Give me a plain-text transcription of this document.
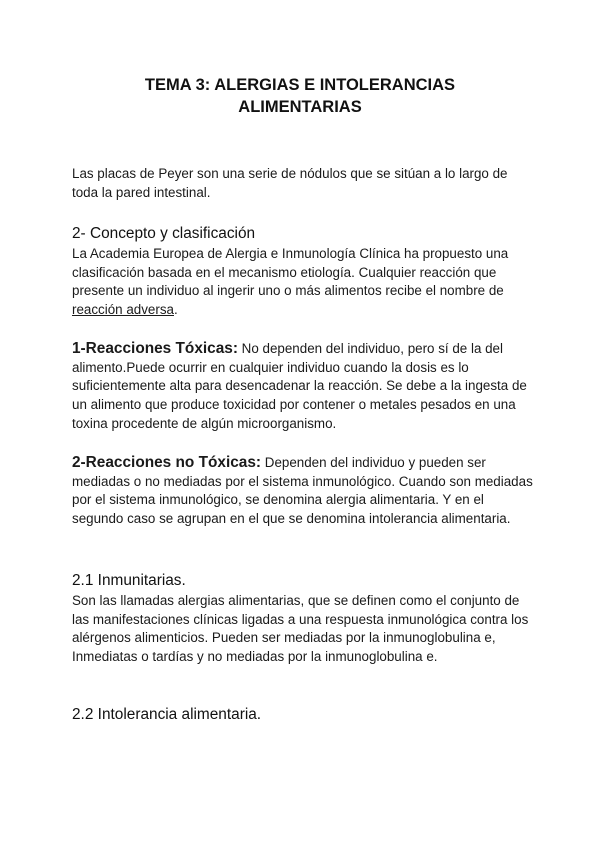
TEMA 3: ALERGIAS E INTOLERANCIAS
ALIMENTARIAS

Las placas de Peyer son una serie de nódulos que se sitúan a lo largo de toda la pared intestinal.

2- Concepto y clasificación

La Academia Europea de Alergia e Inmunología Clínica ha propuesto una clasificación basada en el mecanismo etiología. Cualquier reacción que presente un individuo al ingerir uno o más alimentos recibe el nombre de reacción adversa.

1-Reacciones Tóxicas: No dependen del individuo, pero sí de la del alimento.Puede ocurrir en cualquier individuo cuando la dosis es lo suficientemente alta para desencadenar la reacción. Se debe a la ingesta de un alimento que produce toxicidad por contener o metales pesados en una toxina procedente de algún microorganismo.

2-Reacciones no Tóxicas: Dependen del individuo y pueden ser mediadas o no mediadas por el sistema inmunológico. Cuando son mediadas por el sistema inmunológico, se denomina alergia alimentaria. Y en el segundo caso se agrupan en el que se denomina intolerancia alimentaria.

2.1 Inmunitarias.

Son las llamadas alergias alimentarias, que se definen como el conjunto de las manifestaciones clínicas ligadas a una respuesta inmunológica contra los alérgenos alimenticios. Pueden ser mediadas por la inmunoglobulina e, Inmediatas o tardías y no mediadas por la inmunoglobulina e.

2.2 Intolerancia alimentaria.
